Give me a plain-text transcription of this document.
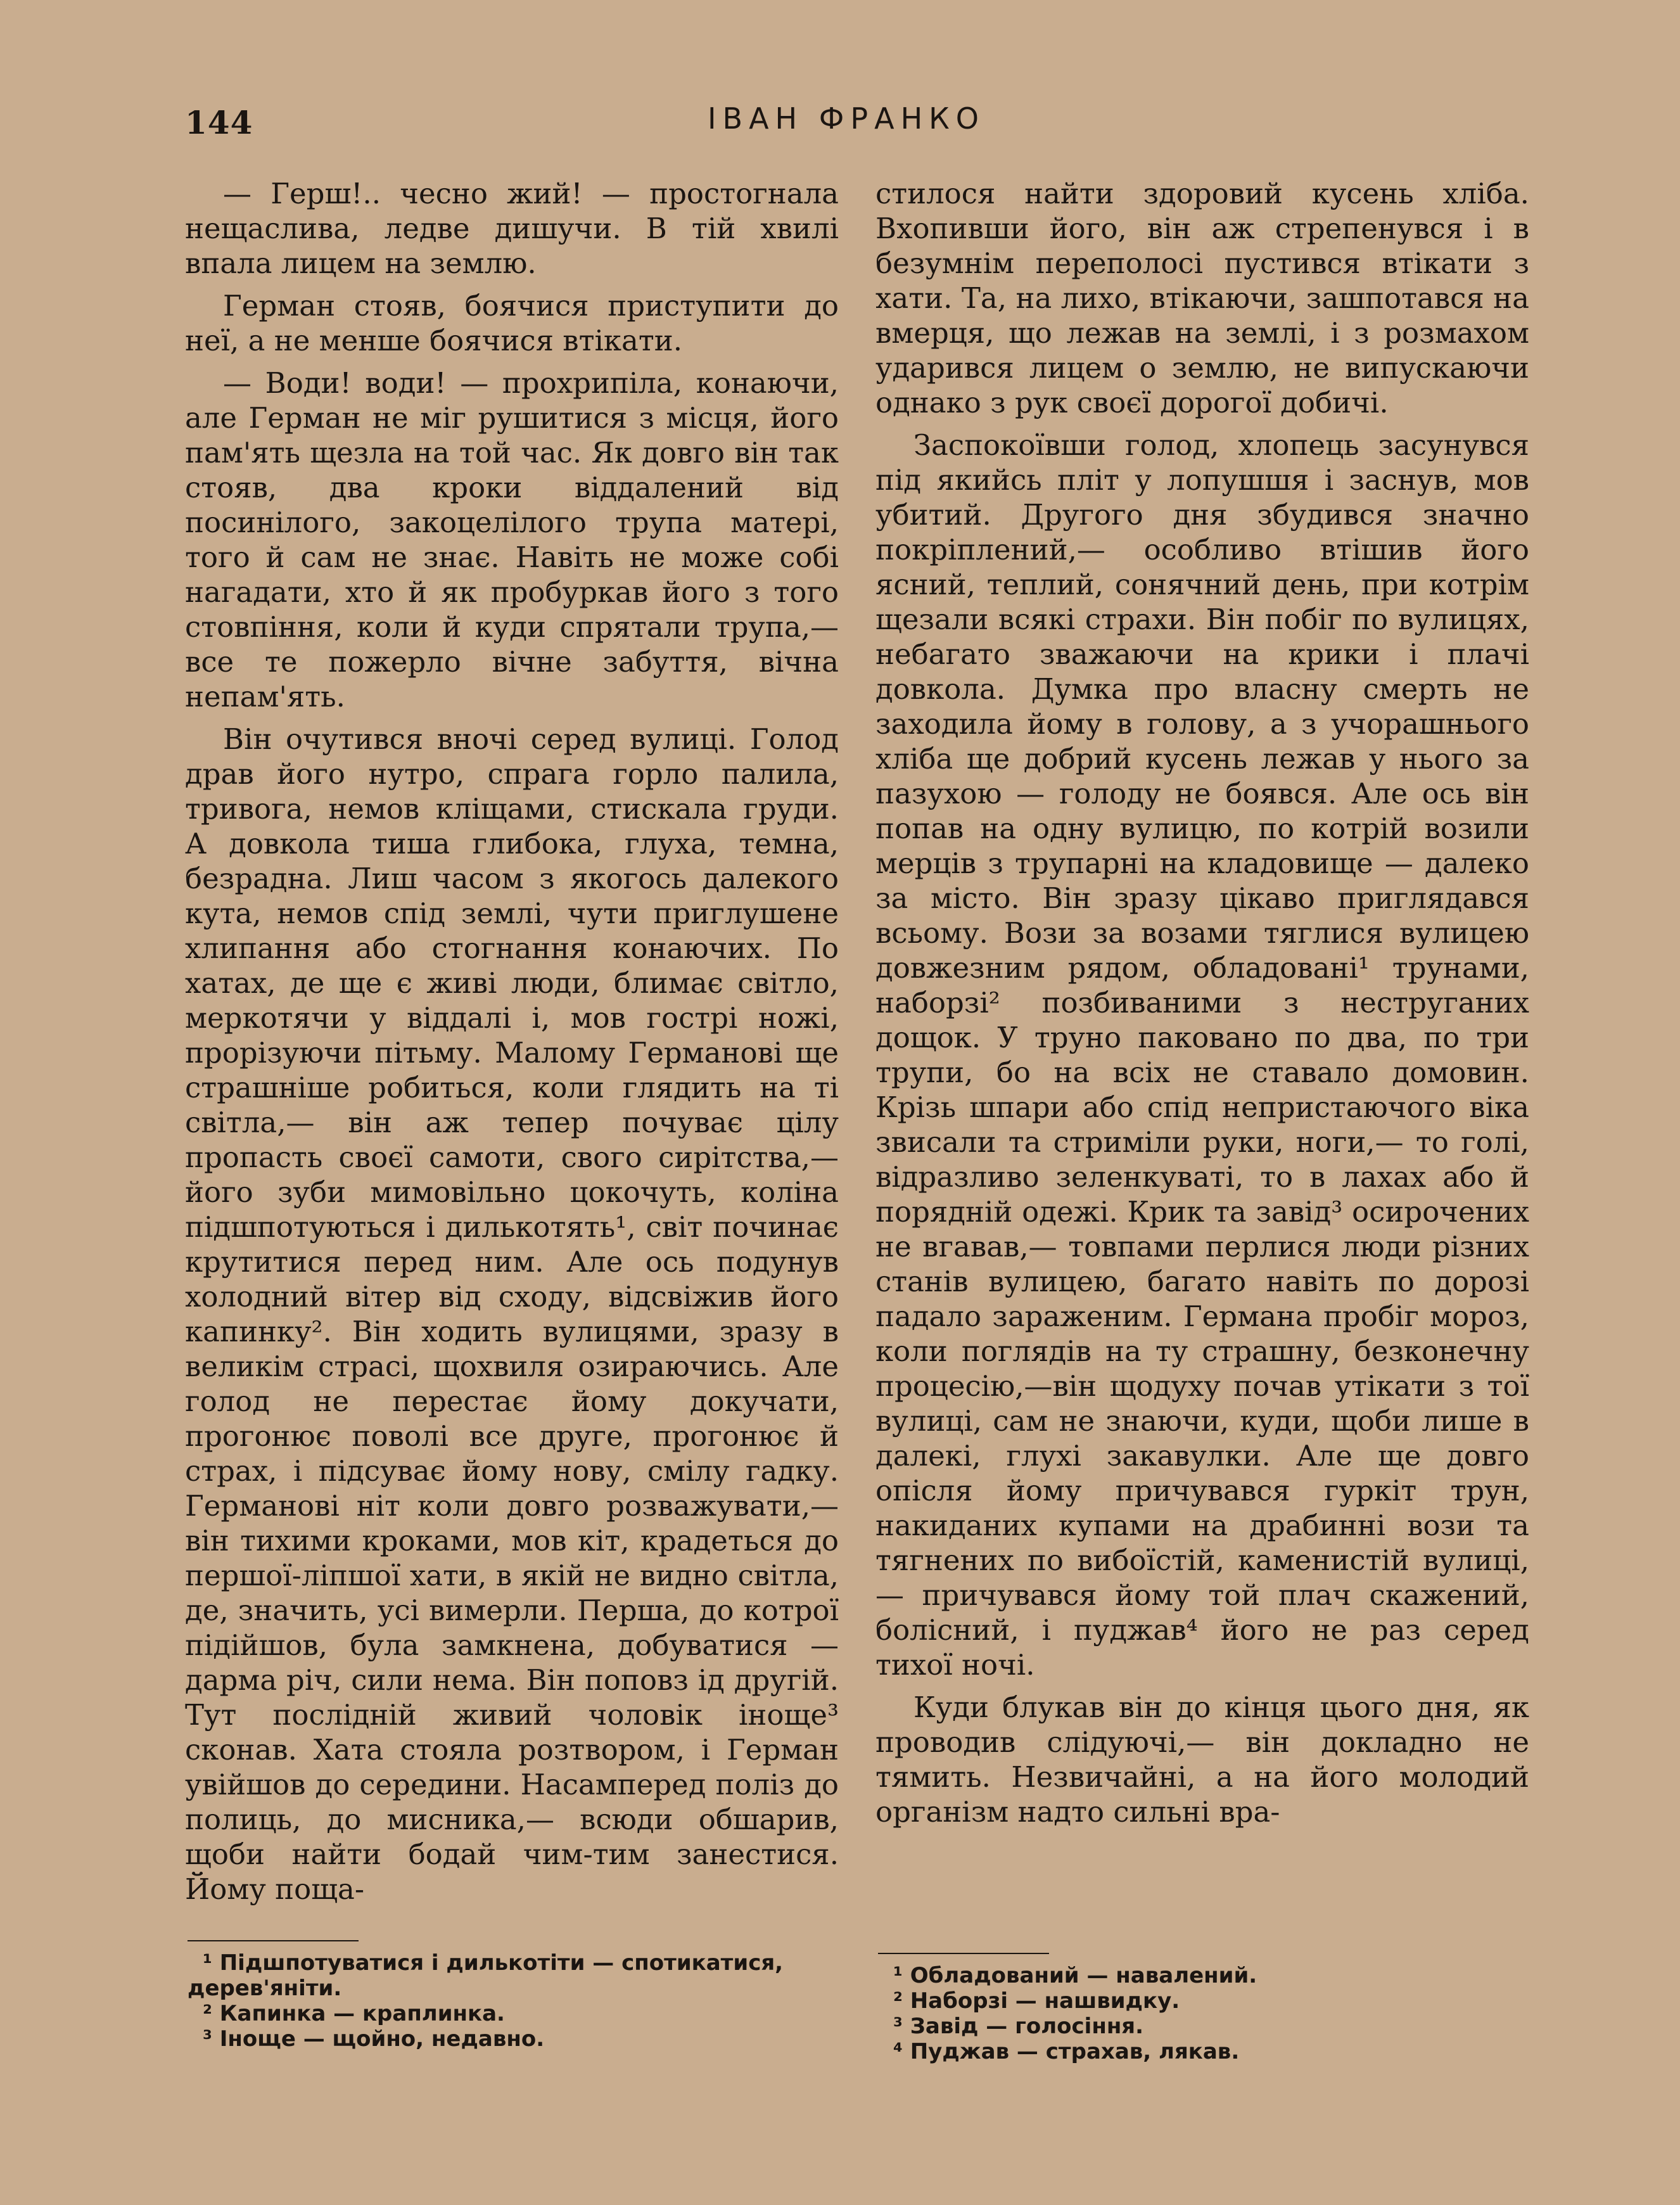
144	ІВАН ФРАНКО

— Герш!.. чесно жий! — простогнала нещаслива, ледве дишучи. В тій хвилі впала лицем на землю.

Герман стояв, боячися приступити до неї, а не менше боячися втікати.

— Води! води! — прохрипіла, конаючи, але Герман не міг рушитися з місця, його пам'ять щезла на той час. Як довго він так стояв, два кроки віддалений від посинілого, закоцелілого трупа матері, того й сам не знає. Навіть не може собі нагадати, хто й як пробуркав його з того стовпіння, коли й куди спрятали трупа,— все те пожерло вічне забуття, вічна непам'ять.

Він очутився вночі серед вулиці. Голод драв його нутро, спрага горло палила, тривога, немов кліщами, стискала груди. А довкола тиша глибока, глуха, темна, безрадна. Лиш часом з якогось далекого кута, немов спід землі, чути приглушене хлипання або стогнання конаючих. По хатах, де ще є живі люди, блимає світло, меркотячи у віддалі і, мов гострі ножі, прорізуючи пітьму. Малому Германові ще страшніше робиться, коли глядить на ті світла,— він аж тепер почуває цілу пропасть своєї самоти, свого сирітства,— його зуби мимовільно цокочуть, коліна підшпотуються і дилькотять¹, світ починає крутитися перед ним. Але ось подунув холодний вітер від сходу, відсвіжив його капинку². Він ходить вулицями, зразу в великім страсі, щохвиля озираючись. Але голод не перестає йому докучати, прогонює поволі все друге, прогонює й страх, і підсуває йому нову, смілу гадку. Германові ніт коли довго розважувати,— він тихими кроками, мов кіт, крадеться до першої-ліпшої хати, в якій не видно світла, де, значить, усі вимерли. Перша, до котрої підійшов, була замкнена, добуватися — дарма річ, сили нема. Він поповз ід другій. Тут послідній живий чоловік іноще³ сконав. Хата стояла розтвором, і Герман увійшов до середини. Насамперед поліз до полиць, до мисника,— всюди обшарив, щоби найти бодай чим-тим занестися. Йому поща-

стилося найти здоровий кусень хліба. Вхопивши його, він аж стрепенувся і в безумнім переполосі пустився втікати з хати. Та, на лихо, втікаючи, зашпотався на вмерця, що лежав на землі, і з розмахом ударився лицем о землю, не випускаючи однако з рук своєї дорогої добичі.

Заспокоївши голод, хлопець засунувся під якийсь пліт у лопушшя і заснув, мов убитий. Другого дня збудився значно покріплений,— особливо втішив його ясний, теплий, сонячний день, при котрім щезали всякі страхи. Він побіг по вулицях, небагато зважаючи на крики і плачі довкола. Думка про власну смерть не заходила йому в голову, а з учорашнього хліба ще добрий кусень лежав у нього за пазухою — голоду не боявся. Але ось він попав на одну вулицю, по котрій возили мерців з трупарні на кладовище — далеко за місто. Він зразу цікаво приглядався всьому. Вози за возами тяглися вулицею довжезним рядом, обладовані¹ трунами, наборзі² позбиваними з неструганих дощок. У труно паковано по два, по три трупи, бо на всіх не ставало домовин. Крізь шпари або спід непристаючого віка звисали та стриміли руки, ноги,— то голі, відразливо зеленкуваті, то в лахах або й порядній одежі. Крик та завід³ осирочених не вгавав,— товпами перлися люди різних станів вулицею, багато навіть по дорозі падало зараженим. Германа пробіг мороз, коли поглядів на ту страшну, безконечну процесію,—він щодуху почав утікати з тої вулиці, сам не знаючи, куди, щоби лише в далекі, глухі закавулки. Але ще довго опісля йому причувався гуркіт трун, накиданих купами на драбинні вози та тягнених по вибоїстій, каменистій вулиці,— причувався йому той плач скажений, болісний, і пуджав⁴ його не раз серед тихої ночі.

Куди блукав він до кінця цього дня, як проводив слідуючі,— він докладно не тямить. Незвичайні, а на його молодий організм надто сильні вра-

¹ Підшпотуватися і дилькотіти — спотикатися, дерев'яніти.

² Капинка — краплинка.

³ Іноще — щойно, недавно.

¹ Обладований — навалений.

² Наборзі — нашвидку.

³ Завід — голосіння.

⁴ Пуджав — страхав, лякав.
